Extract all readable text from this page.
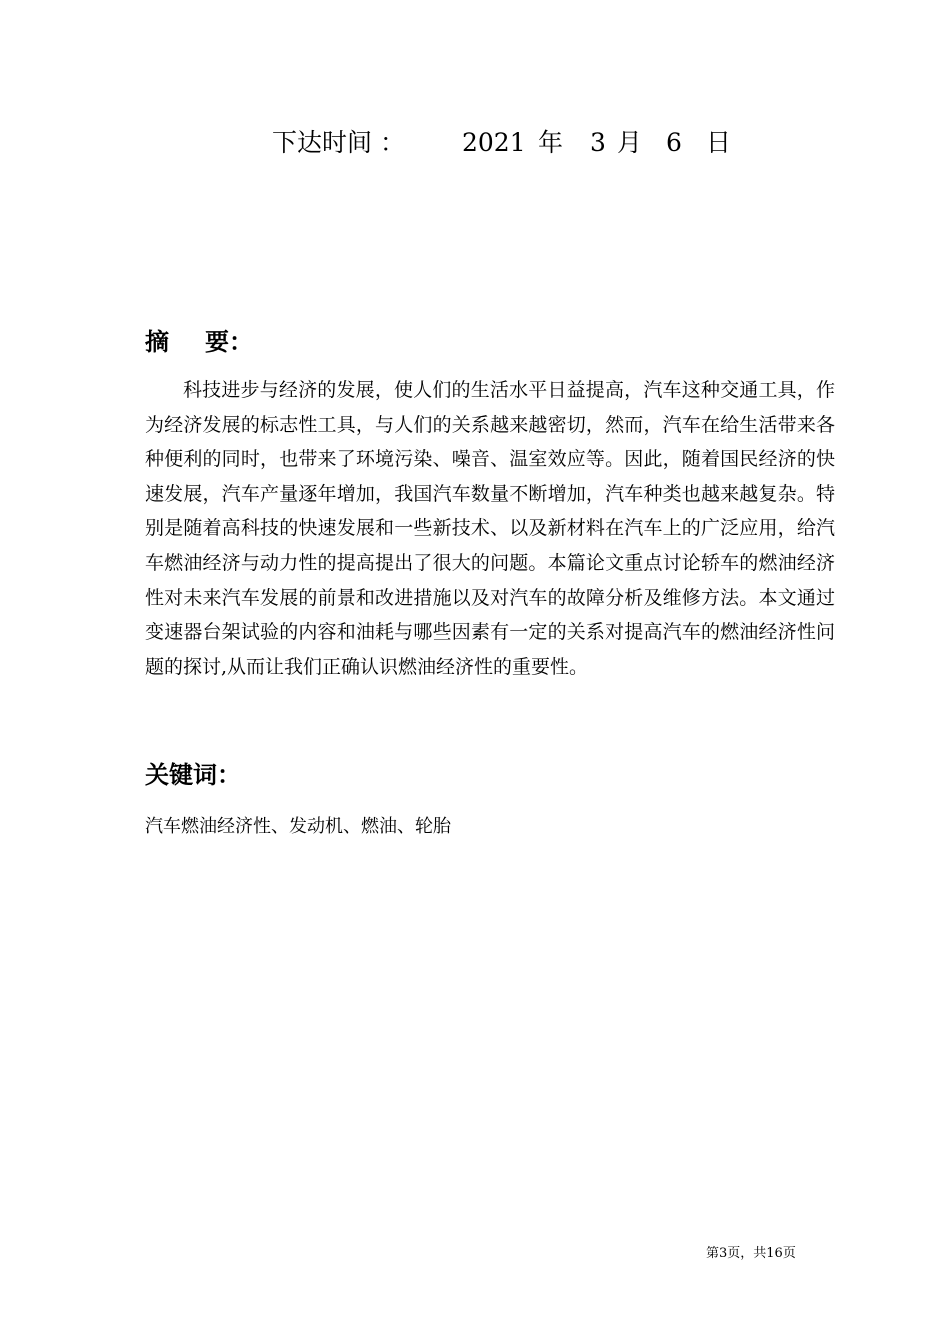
下达时间 ： 2021 年 3 月 6 日
摘 要：

科技进步与经济的发展，使人们的生活水平日益提高，汽车这种交通工具，作为经济发展的标志性工具，与人们的关系越来越密切，然而，汽车在给生活带来各种便利的同时，也带来了环境污染、噪音、温室效应等。因此，随着国民经济的快速发展，汽车产量逐年增加，我国汽车数量不断增加，汽车种类也越来越复杂。特别是随着高科技的快速发展和一些新技术、以及新材料在汽车上的广泛应用，给汽车燃油经济与动力性的提高提出了很大的问题。本篇论文重点讨论轿车的燃油经济性对未来汽车发展的前景和改进措施以及对汽车的故障分析及维修方法。本文通过变速器台架试验的内容和油耗与哪些因素有一定的关系对提高汽车的燃油经济性问题的探讨,从而让我们正确认识燃油经济性的重要性。

关键词：
汽车燃油经济性、发动机、燃油、轮胎
第3页，共16页
